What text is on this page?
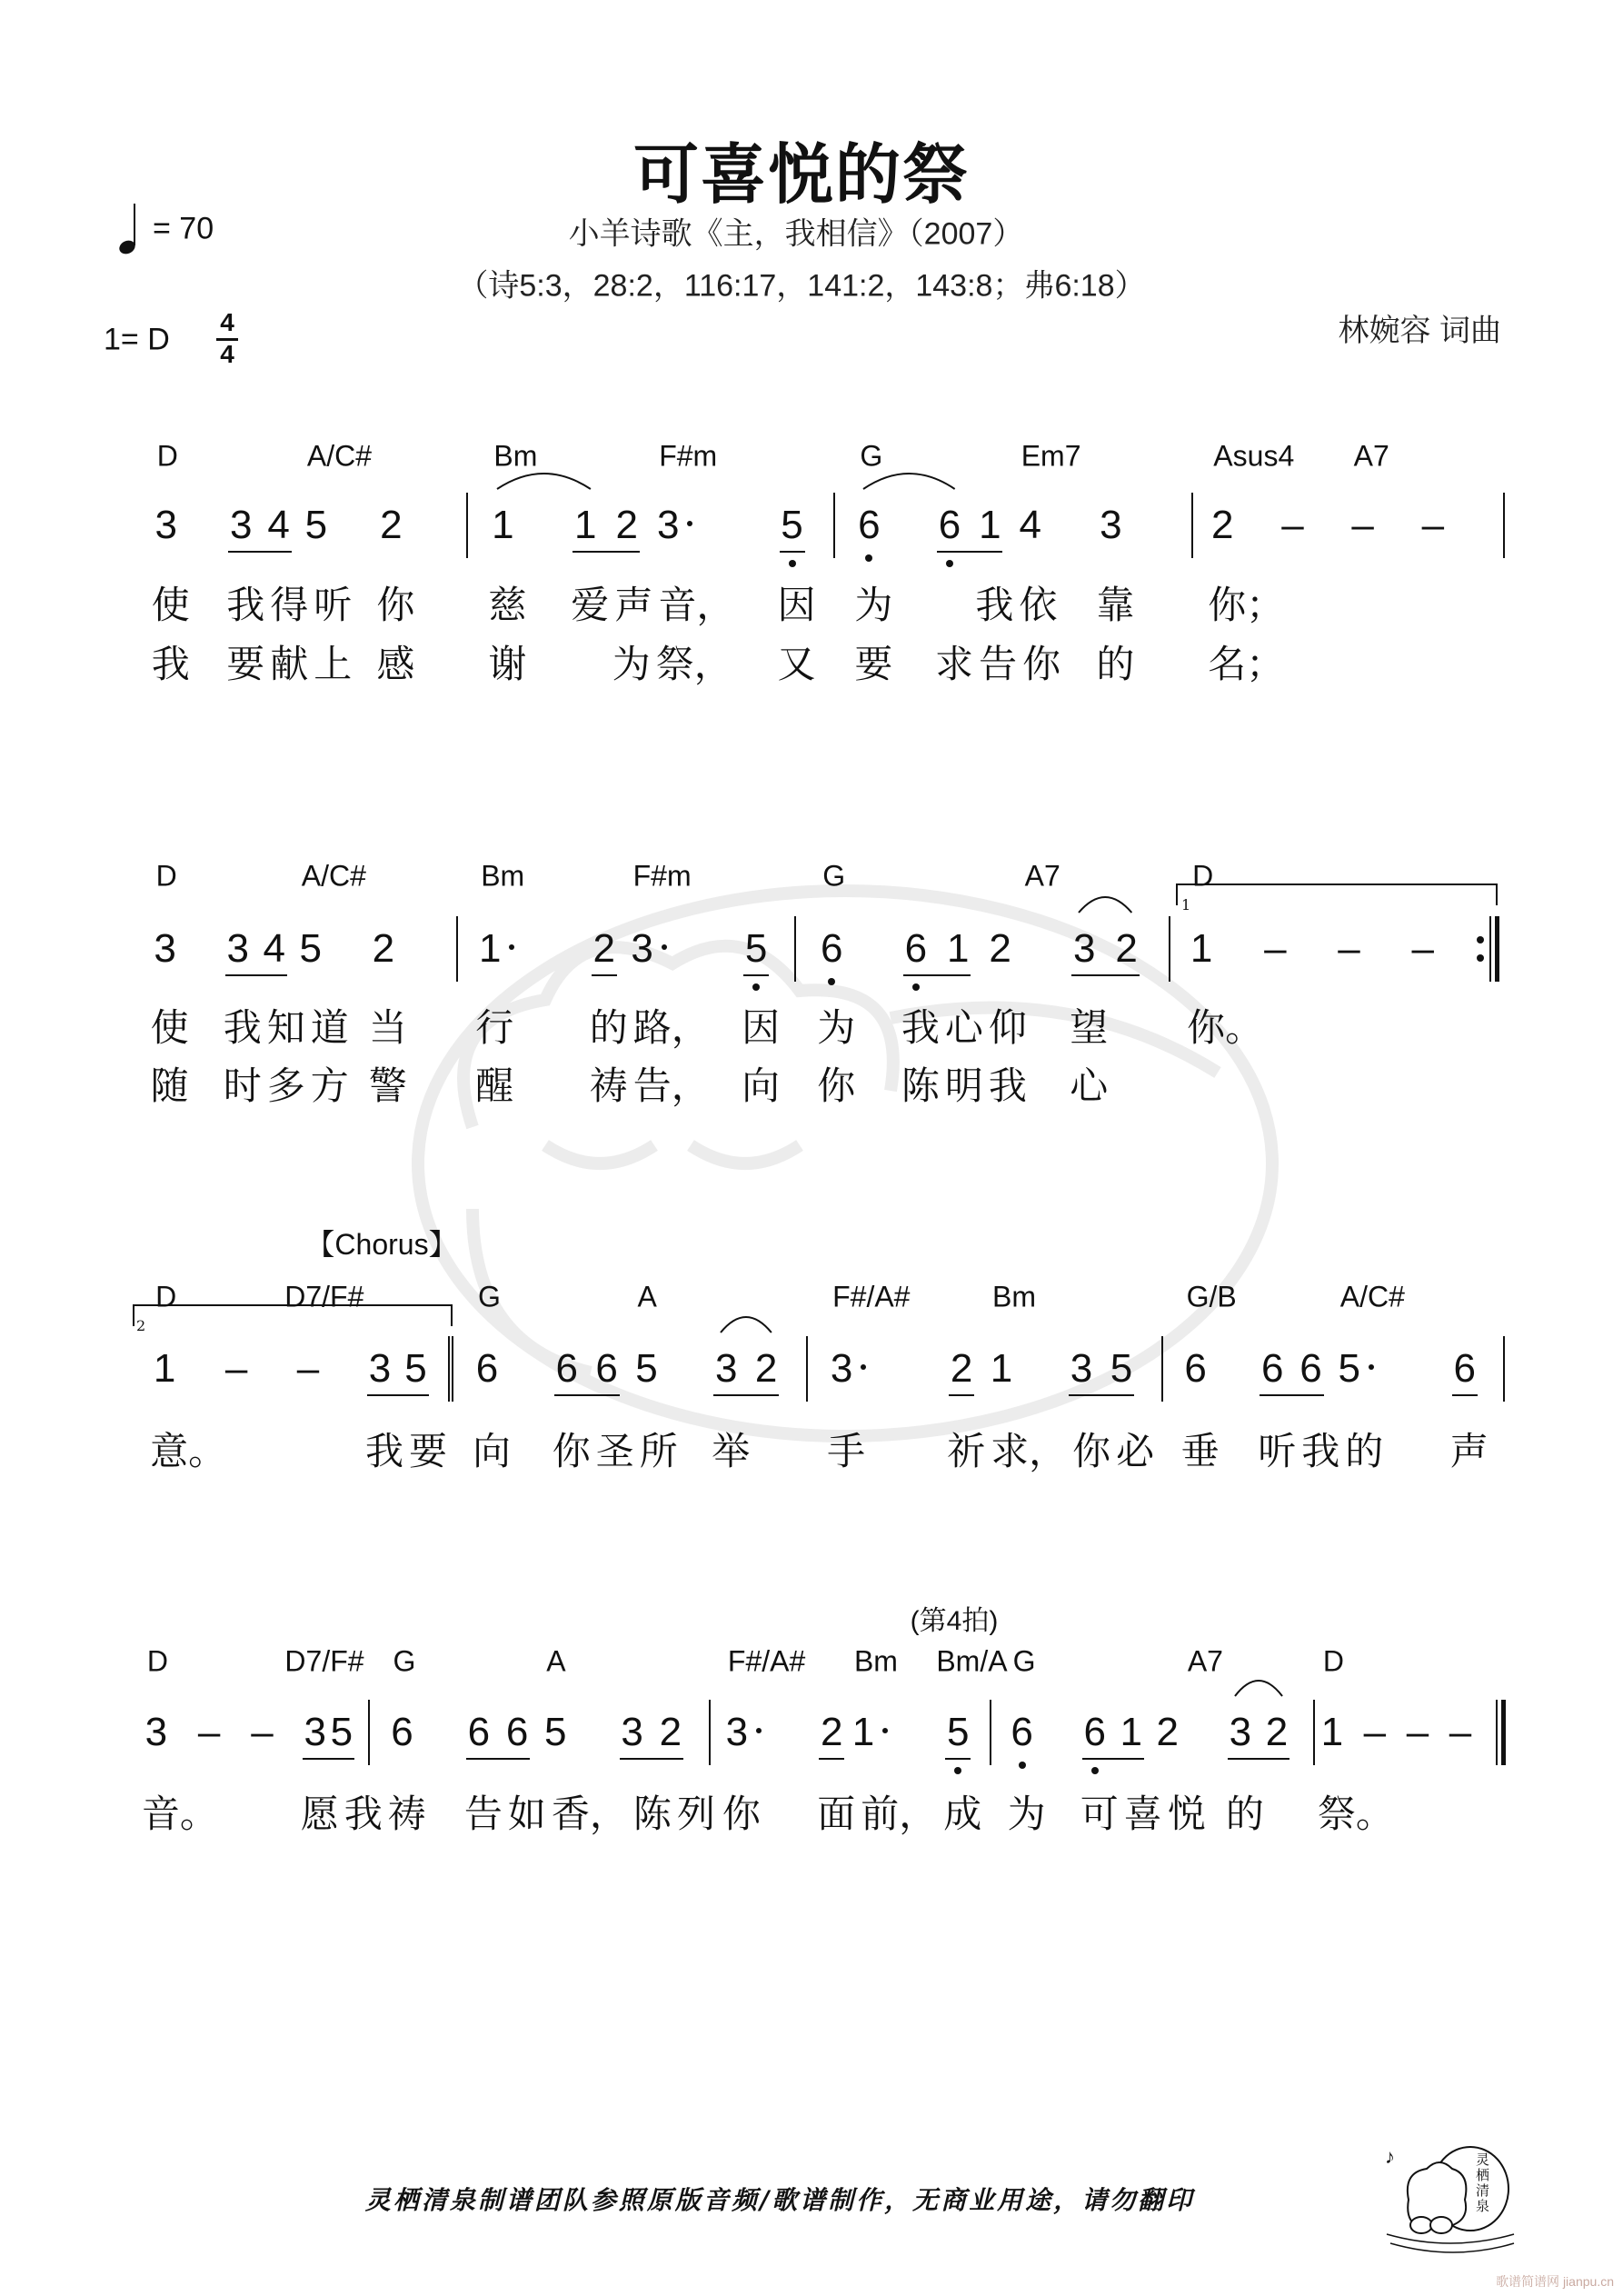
可喜悦的祭
= 70	小羊诗歌《主，我相信》（2007）
（诗5:3，28:2，116:17，141:2，143:8；弗6:18）
1= D 4
4
林婉容 词曲
【Chorus】
(第4拍)
1
2
D	A/C#	Bm	F#m	G	Em7	Asus4 A7
3 3 4 5 2 1 1 2 3	5 6 6 1 4 3 2 – – –
使 我 得 听 你 慈 爱 声 音， 因 为 我 依 靠 你；
我 要 献 上 感 谢 为 祭， 又 要 求 告 你 的 名；
D	A/C#	Bm	F#m	G	A7	D
3 3 4 5 2 1 2 3 5 6 6 1 2 3 2 1 – – –
使 我 知 道 当 行 的 路， 因 为 我 心 仰 望 你。
随 时 多 方 警 醒 祷 告， 向 你 陈 明 我 心
D	D7/F#	G	A	F#/A#	Bm	G/B	A/C#
1 – – 3 5 6 6 6 5 3 2 3 2 1 3 5 6 6 6 5 6
意。	我 要 向 你 圣 所 举 手 祈 求， 你 必 垂 听 我 的 声
D	D7/F# G	A	F#/A# Bm Bm/A G	A7	D
3 – – 3 5 6 6 6 5 3 2 3 2 1 5 6 6 1 2 3 2 1 – – –
音。 愿 我 祷 告 如 香， 陈 列 你 面 前， 成 为 可 喜 悦 的 祭。
灵栖清泉制谱团队参照原版音频/歌谱制作，无商业用途，请勿翻印
♪	灵栖清泉
歌谱简谱网 jianpu.cn
